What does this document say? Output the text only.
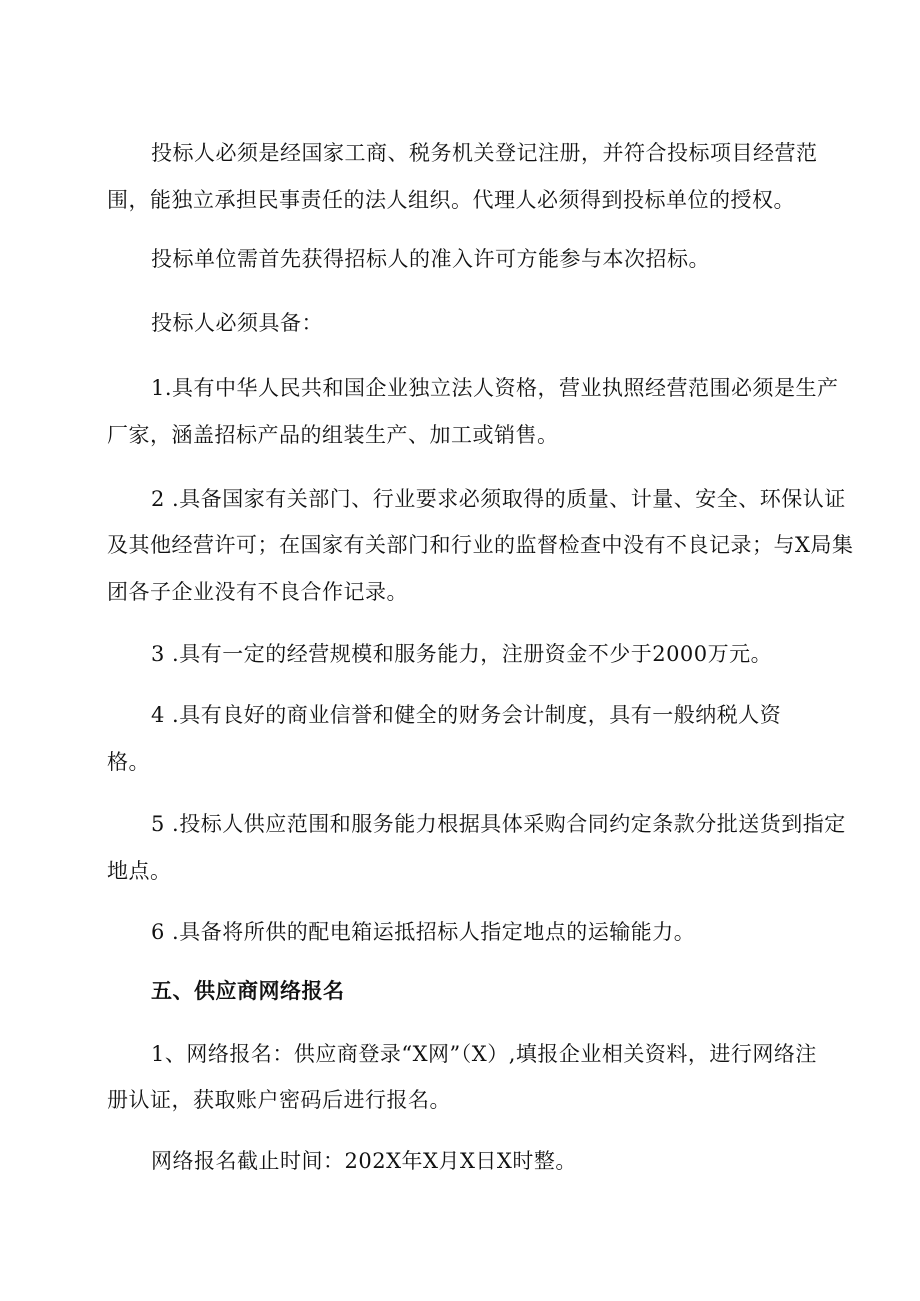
投标人必须是经国家工商、税务机关登记注册，并符合投标项目经营范
围，能独立承担民事责任的法人组织。代理人必须得到投标单位的授权。
投标单位需首先获得招标人的准入许可方能参与本次招标。
投标人必须具备：
1.具有中华人民共和国企业独立法人资格，营业执照经营范围必须是生产
厂家，涵盖招标产品的组装生产、加工或销售。
2 .具备国家有关部门、行业要求必须取得的质量、计量、安全、环保认证
及其他经营许可；在国家有关部门和行业的监督检查中没有不良记录；与X局集
团各子企业没有不良合作记录。
3 .具有一定的经营规模和服务能力，注册资金不少于2000万元。
4 .具有良好的商业信誉和健全的财务会计制度，具有一般纳税人资
格。
5 .投标人供应范围和服务能力根据具体采购合同约定条款分批送货到指定
地点。
6 .具备将所供的配电箱运抵招标人指定地点的运输能力。
五、供应商网络报名
1、网络报名：供应商登录“X网”（X）,填报企业相关资料，进行网络注
册认证，获取账户密码后进行报名。
网络报名截止时间：202X年X月X日X时整。
